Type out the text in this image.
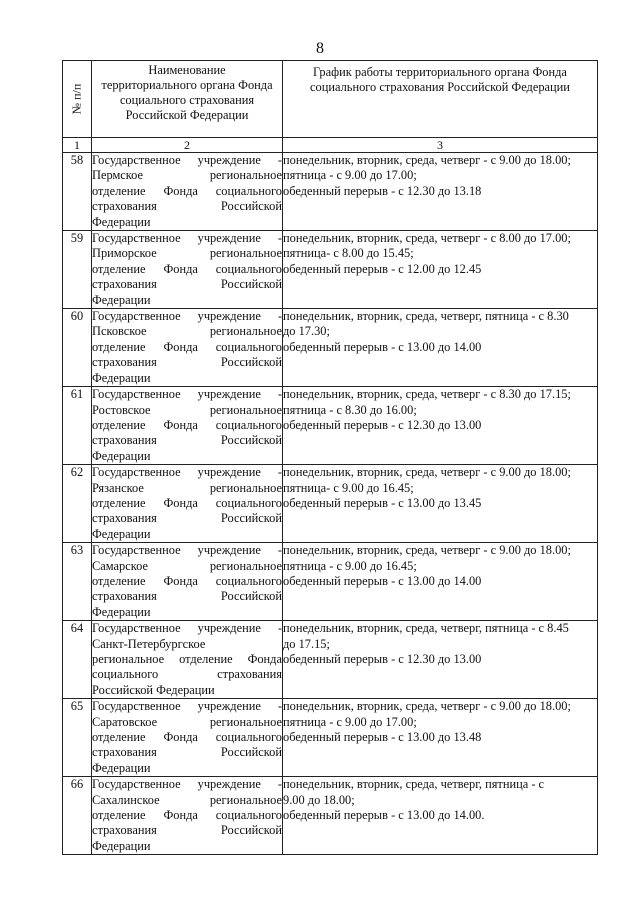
8
№ п/п	Наименование
территориального органа Фонда
социального страхования
Российской Федерации	График работы территориального органа Фонда
социального страхования Российской Федерации

1	2	3
58	Государственное учреждение -
Пермское региональное
отделение Фонда социального
страхования Российской
Федерации	понедельник, вторник, среда, четверг - с 9.00 до 18.00;
пятница - с 9.00 до 17.00;
обеденный перерыв - с 12.30 до 13.18

59	Государственное учреждение -
Приморское региональное
отделение Фонда социального
страхования Российской
Федерации	понедельник, вторник, среда, четверг - с 8.00 до 17.00;
пятница- с 8.00 до 15.45;
обеденный перерыв - с 12.00 до 12.45

60	Государственное учреждение -
Псковское региональное
отделение Фонда социального
страхования Российской
Федерации	понедельник, вторник, среда, четверг, пятница - с 8.30
до 17.30;
обеденный перерыв - с 13.00 до 14.00

61	Государственное учреждение -
Ростовское региональное
отделение Фонда социального
страхования Российской
Федерации	понедельник, вторник, среда, четверг - с 8.30 до 17.15;
пятница - с 8.30 до 16.00;
обеденный перерыв - с 12.30 до 13.00

62	Государственное учреждение -
Рязанское региональное
отделение Фонда социального
страхования Российской
Федерации	понедельник, вторник, среда, четверг - с 9.00 до 18.00;
пятница- с 9.00 до 16.45;
обеденный перерыв - с 13.00 до 13.45

63	Государственное учреждение -
Самарское региональное
отделение Фонда социального
страхования Российской
Федерации	понедельник, вторник, среда, четверг - с 9.00 до 18.00;
пятница - с 9.00 до 16.45;
обеденный перерыв - с 13.00 до 14.00

64	Государственное учреждение -
Санкт-Петербургское
региональное отделение Фонда
социального страхования
Российской Федерации	понедельник, вторник, среда, четверг, пятница - с 8.45
до 17.15;
обеденный перерыв - с 12.30 до 13.00

65	Государственное учреждение -
Саратовское региональное
отделение Фонда социального
страхования Российской
Федерации	понедельник, вторник, среда, четверг - с 9.00 до 18.00;
пятница - с 9.00 до 17.00;
обеденный перерыв - с 13.00 до 13.48

66	Государственное учреждение -
Сахалинское региональное
отделение Фонда социального
страхования Российской
Федерации	понедельник, вторник, среда, четверг, пятница - с
9.00 до 18.00;
обеденный перерыв - с 13.00 до 14.00.
